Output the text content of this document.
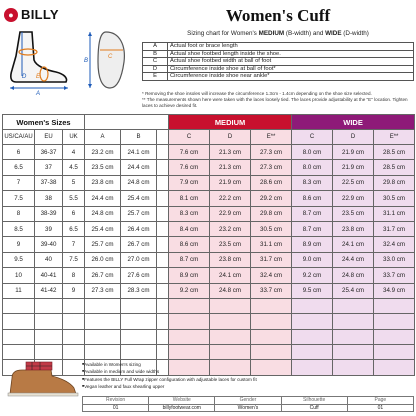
● BILLY	Women's Cuff
Sizing chart for Women's MEDIUM (B-width) and WIDE (D-width)
A
D E
B
C
A	Actual foot or brace length
B	Actual shoe footbed length inside the shoe.
C	Actual shoe footbed width at ball of foot
D	Circumference inside shoe at ball of foot*
E	Circumference inside shoe near ankle*
* Removing the shoe insoles will increase the circumference 1.3cm - 1.4cm depending on the shoe size selected.
** The measurements shown here were taken with the laces loosely tied. The laces provide adjustability at the "E" location. Tighten laces to achieve desired fit.
Women's Sizes						MEDIUM			WIDE		
US/CA/AU	EU	UK	A	B		C	D	E**	C	D	E**
6	36-37	4	23.2 cm	24.1 cm		7.6 cm	21.3 cm	27.3 cm	8.0 cm	21.9 cm	28.5 cm
6.5	37	4.5	23.5 cm	24.4 cm		7.6 cm	21.3 cm	27.3 cm	8.0 cm	21.9 cm	28.5 cm
7	37-38	5	23.8 cm	24.8 cm		7.9 cm	21.9 cm	28.6 cm	8.3 cm	22.5 cm	29.8 cm
7.5	38	5.5	24.4 cm	25.4 cm		8.1 cm	22.2 cm	29.2 cm	8.6 cm	22.9 cm	30.5 cm
8	38-39	6	24.8 cm	25.7 cm		8.3 cm	22.9 cm	29.8 cm	8.7 cm	23.5 cm	31.1 cm
8.5	39	6.5	25.4 cm	26.4 cm		8.4 cm	23.2 cm	30.5 cm	8.7 cm	23.8 cm	31.7 cm
9	39-40	7	25.7 cm	26.7 cm		8.6 cm	23.5 cm	31.1 cm	8.9 cm	24.1 cm	32.4 cm
9.5	40	7.5	26.0 cm	27.0 cm		8.7 cm	23.8 cm	31.7 cm	9.0 cm	24.4 cm	33.0 cm
10	40-41	8	26.7 cm	27.6 cm		8.9 cm	24.1 cm	32.4 cm	9.2 cm	24.8 cm	33.7 cm
11	41-42	9	27.3 cm	28.3 cm		9.2 cm	24.8 cm	33.7 cm	9.5 cm	25.4 cm	34.9 cm

■ Available in Women's sizing
■ Available in medium and wide widths
■ Features the BILLY Full Wrap zipper configuration with adjustable laces for custom fit
■ Vegan leather and faux shearling upper
Revision	Website	Gender	Silhouette	Page
01	billyfootwear.com	Women's	Cuff	01
